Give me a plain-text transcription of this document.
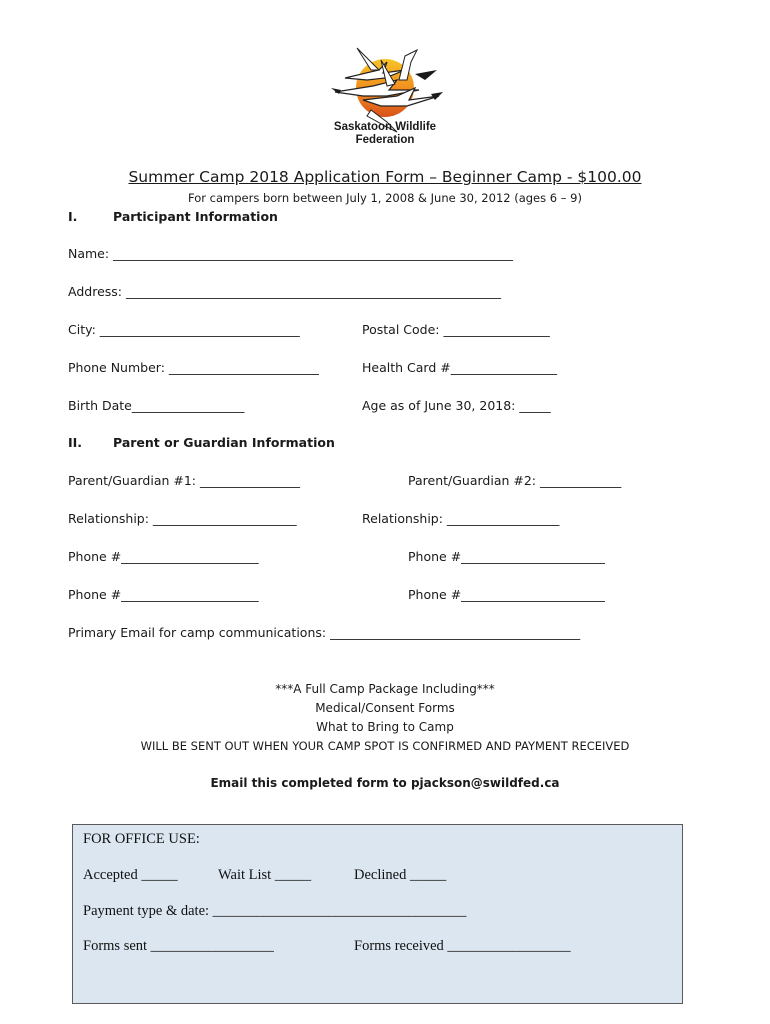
Saskatoon Wildlife
Federation
Summer Camp 2018 Application Form – Beginner Camp - $100.00
For campers born between July 1, 2008 & June 30, 2012 (ages 6 – 9)
I.	Participant Information
Name: ________________________________________________________________
Address: ____________________________________________________________
City: ________________________________	Postal Code: _________________
Phone Number: ________________________	Health Card #_________________
Birth Date__________________	Age as of June 30, 2018: _____
II. Parent or Guardian Information
Parent/Guardian #1: ________________	Parent/Guardian #2: _____________
Relationship: _______________________	Relationship: __________________
Phone #______________________	Phone #_______________________
Phone #______________________	Phone #_______________________
Primary Email for camp communications: ________________________________________
***A Full Camp Package Including***
Medical/Consent Forms
What to Bring to Camp
WILL BE SENT OUT WHEN YOUR CAMP SPOT IS CONFIRMED AND PAYMENT RECEIVED
Email this completed form to pjackson@swildfed.ca
FOR OFFICE USE:
Accepted _____	Wait List _____	Declined _____
Payment type & date: ___________________________________
Forms sent _________________	Forms received _________________
